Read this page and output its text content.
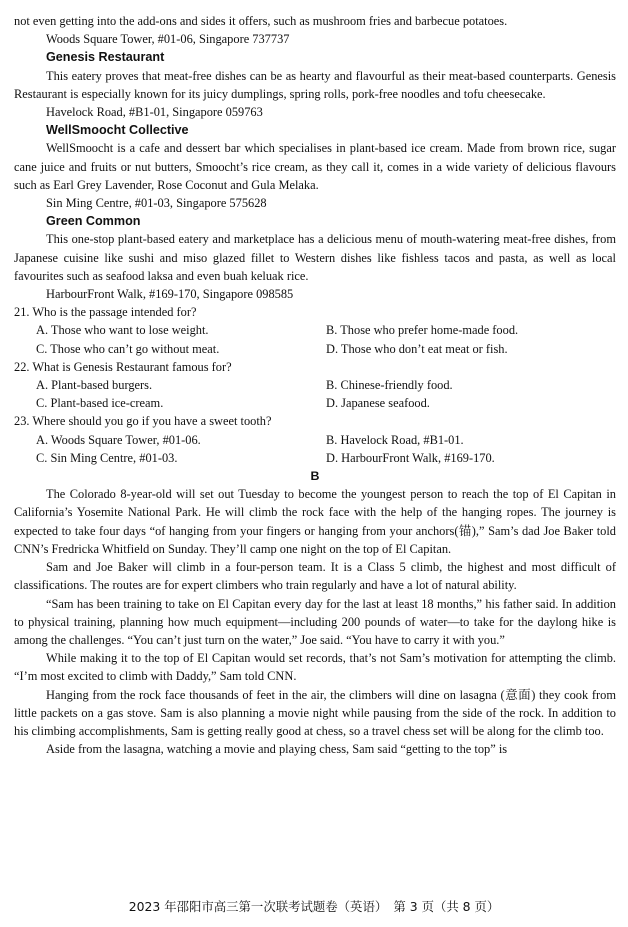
not even getting into the add-ons and sides it offers, such as mushroom fries and barbecue potatoes.

Woods Square Tower, #01-06, Singapore 737737

Genesis Restaurant

This eatery proves that meat-free dishes can be as hearty and flavourful as their meat-based counterparts. Genesis Restaurant is especially known for its juicy dumplings, spring rolls, pork-free noodles and tofu cheesecake.

Havelock Road, #B1-01, Singapore 059763

WellSmoocht Collective

WellSmoocht is a cafe and dessert bar which specialises in plant-based ice cream. Made from brown rice, sugar cane juice and fruits or nut butters, Smoocht’s rice cream, as they call it, comes in a wide variety of delicious flavours such as Earl Grey Lavender, Rose Coconut and Gula Melaka.

Sin Ming Centre, #01-03, Singapore 575628

Green Common

This one-stop plant-based eatery and marketplace has a delicious menu of mouth-watering meat-free dishes, from Japanese cuisine like sushi and miso glazed fillet to Western dishes like fishless tacos and pasta, as well as local favourites such as seafood laksa and even buah keluak rice.

HarbourFront Walk, #169-170, Singapore 098585

21. Who is the passage intended for?

A. Those who want to lose weight.	B. Those who prefer home-made food.
C. Those who can’t go without meat.	D. Those who don’t eat meat or fish.

22. What is Genesis Restaurant famous for?

A. Plant-based burgers.	B. Chinese-friendly food.
C. Plant-based ice-cream.	D. Japanese seafood.

23. Where should you go if you have a sweet tooth?

A. Woods Square Tower, #01-06.	B. Havelock Road, #B1-01.
C. Sin Ming Centre, #01-03.	D. HarbourFront Walk, #169-170.

B

The Colorado 8-year-old will set out Tuesday to become the youngest person to reach the top of El Capitan in California’s Yosemite National Park. He will climb the rock face with the help of the hanging ropes. The journey is expected to take four days “of hanging from your fingers or hanging from your anchors(锚),” Sam’s dad Joe Baker told CNN’s Fredricka Whitfield on Sunday. They’ll camp one night on the top of El Capitan.

Sam and Joe Baker will climb in a four-person team. It is a Class 5 climb, the highest and most difficult of classifications. The routes are for expert climbers who train regularly and have a lot of natural ability.

“Sam has been training to take on El Capitan every day for the last at least 18 months,” his father said. In addition to physical training, planning how much equipment—including 200 pounds of water—to take for the daylong hike is among the challenges. “You can’t just turn on the water,” Joe said. “You have to carry it with you.”

While making it to the top of El Capitan would set records, that’s not Sam’s motivation for attempting the climb. “I’m most excited to climb with Daddy,” Sam told CNN.

Hanging from the rock face thousands of feet in the air, the climbers will dine on lasagna (意面) they cook from little packets on a gas stove. Sam is also planning a movie night while pausing from the side of the rock. In addition to his climbing accomplishments, Sam is getting really good at chess, so a travel chess set will be along for the climb too.

Aside from the lasagna, watching a movie and playing chess, Sam said “getting to the top” is

2023 年邵阳市高三第一次联考试题卷（英语）　第 3 页（共 8 页）
